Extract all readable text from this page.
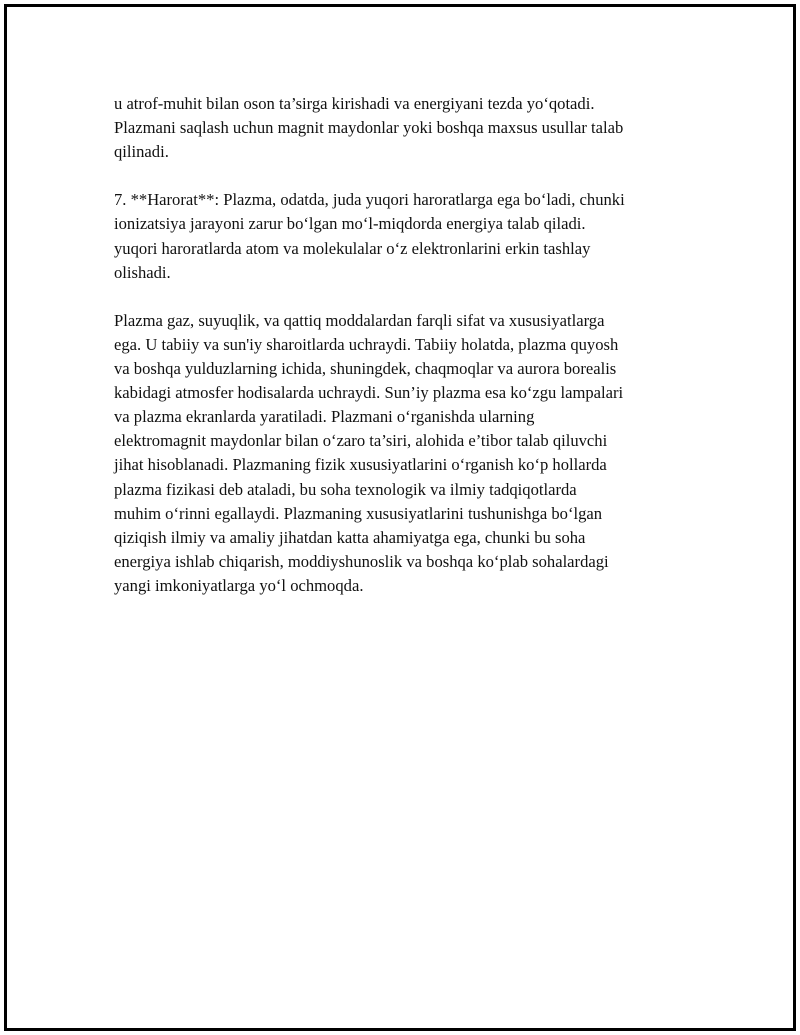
u atrof-muhit bilan oson ta’sirga kirishadi va energiyani tezda yo‘qotadi.
Plazmani saqlash uchun magnit maydonlar yoki boshqa maxsus usullar talab
qilinadi.

7. **Harorat**: Plazma, odatda, juda yuqori haroratlarga ega bo‘ladi, chunki
ionizatsiya jarayoni zarur bo‘lgan mo‘l-miqdorda energiya talab qiladi.
yuqori haroratlarda atom va molekulalar o‘z elektronlarini erkin tashlay
olishadi.

Plazma gaz, suyuqlik, va qattiq moddalardan farqli sifat va xususiyatlarga
ega. U tabiiy va sun'iy sharoitlarda uchraydi. Tabiiy holatda, plazma quyosh
va boshqa yulduzlarning ichida, shuningdek, chaqmoqlar va aurora borealis
kabidagi atmosfer hodisalarda uchraydi. Sun’iy plazma esa ko‘zgu lampalari
va plazma ekranlarda yaratiladi. Plazmani o‘rganishda ularning
elektromagnit maydonlar bilan o‘zaro ta’siri, alohida e’tibor talab qiluvchi
jihat hisoblanadi. Plazmaning fizik xususiyatlarini o‘rganish ko‘p hollarda
plazma fizikasi deb ataladi, bu soha texnologik va ilmiy tadqiqotlarda
muhim o‘rinni egallaydi. Plazmaning xususiyatlarini tushunishga bo‘lgan
qiziqish ilmiy va amaliy jihatdan katta ahamiyatga ega, chunki bu soha
energiya ishlab chiqarish, moddiyshunoslik va boshqa ko‘plab sohalardagi
yangi imkoniyatlarga yo‘l ochmoqda.
